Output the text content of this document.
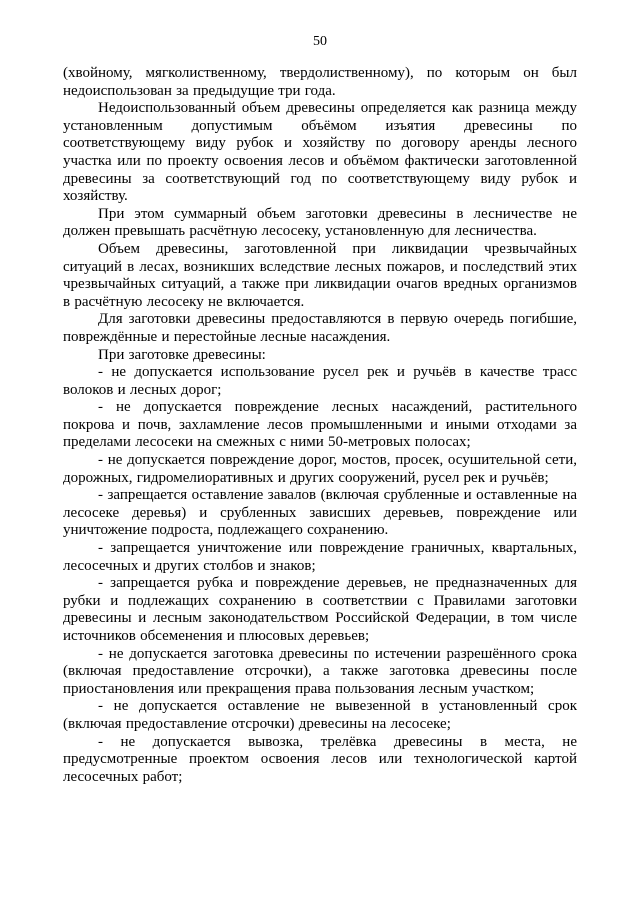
50

(хвойному, мягколиственному, твердолиственному), по которым он был недоиспользован за предыдущие три года.

Недоиспользованный объем древесины определяется как разница между установленным допустимым объёмом изъятия древесины по соответствующему виду рубок и хозяйству по договору аренды лесного участка или по проекту освоения лесов и объёмом фактически заготовленной древесины за соответствующий год по соответствующему виду рубок и хозяйству.

При этом суммарный объем заготовки древесины в лесничестве не должен превышать расчётную лесосеку, установленную для лесничества.

Объем древесины, заготовленной при ликвидации чрезвычайных ситуаций в лесах, возникших вследствие лесных пожаров, и последствий этих чрезвычайных ситуаций, а также при ликвидации очагов вредных организмов в расчётную лесосеку не включается.

Для заготовки древесины предоставляются в первую очередь погибшие, повреждённые и перестойные лесные насаждения.

При заготовке древесины:

- не допускается использование русел рек и ручьёв в качестве трасс волоков и лесных дорог;

- не допускается повреждение лесных насаждений, растительного покрова и почв, захламление лесов промышленными и иными отходами за пределами лесосеки на смежных с ними 50-метровых полосах;

- не допускается повреждение дорог, мостов, просек, осушительной сети, дорожных, гидромелиоративных и других сооружений, русел рек и ручьёв;

- запрещается оставление завалов (включая срубленные и оставленные на лесосеке деревья) и срубленных зависших деревьев, повреждение или уничтожение подроста, подлежащего сохранению.

- запрещается уничтожение или повреждение граничных, квартальных, лесосечных и других столбов и знаков;

- запрещается рубка и повреждение деревьев, не предназначенных для рубки и подлежащих сохранению в соответствии с Правилами заготовки древесины и лесным законодательством Российской Федерации, в том числе источников обсеменения и плюсовых деревьев;

- не допускается заготовка древесины по истечении разрешённого срока (включая предоставление отсрочки), а также заготовка древесины после приостановления или прекращения права пользования лесным участком;

- не допускается оставление не вывезенной в установленный срок (включая предоставление отсрочки) древесины на лесосеке;

- не допускается вывозка, трелёвка древесины в места, не предусмотренные проектом освоения лесов или технологической картой лесосечных работ;
